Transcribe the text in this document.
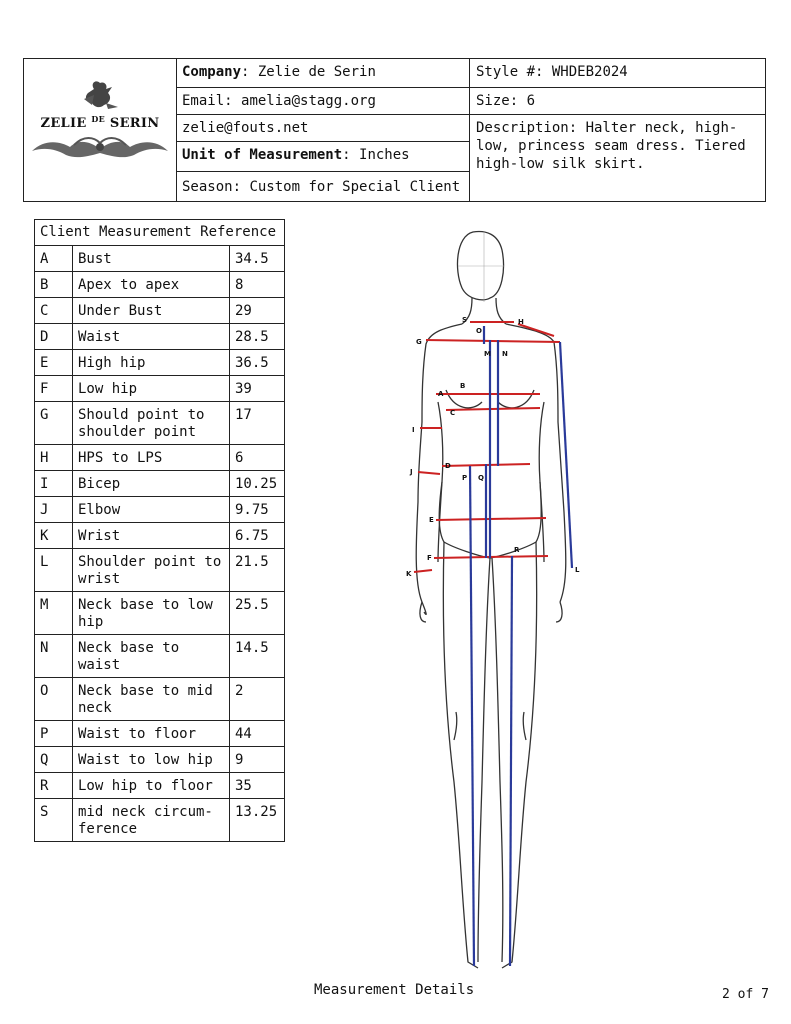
ZELIE $^{DE}$ SERIN
Company: Zelie de Serin
Email: amelia@stagg.org
zelie@fouts.net
Unit of Measurement: Inches
Season: Custom for Special Client
Style #: WHDEB2024
Size: 6
Description: Halter neck, high-low, princess seam dress. Tiered high-low silk skirt.
Client Measurement Reference		
A	Bust	34.5
B	Apex to apex	8
C	Under Bust	29
D	Waist	28.5
E	High hip	36.5
F	Low hip	39
G	Should point to shoulder point	17
H	HPS to LPS	6
I	Bicep	10.25
J	Elbow	9.75
K	Wrist	6.75
L	Shoulder point to wrist	21.5
M	Neck base to low hip	25.5
N	Neck base to waist	14.5
O	Neck base to mid neck	2
P	Waist to floor	44
Q	Waist to low hip	9
R	Low hip to floor	35
S	mid neck circum-ference	13.25
S
O
H
G
M N
B
A
C
I
J
D
P Q
E
F
R
K	L
Measurement Details	2 of 7
